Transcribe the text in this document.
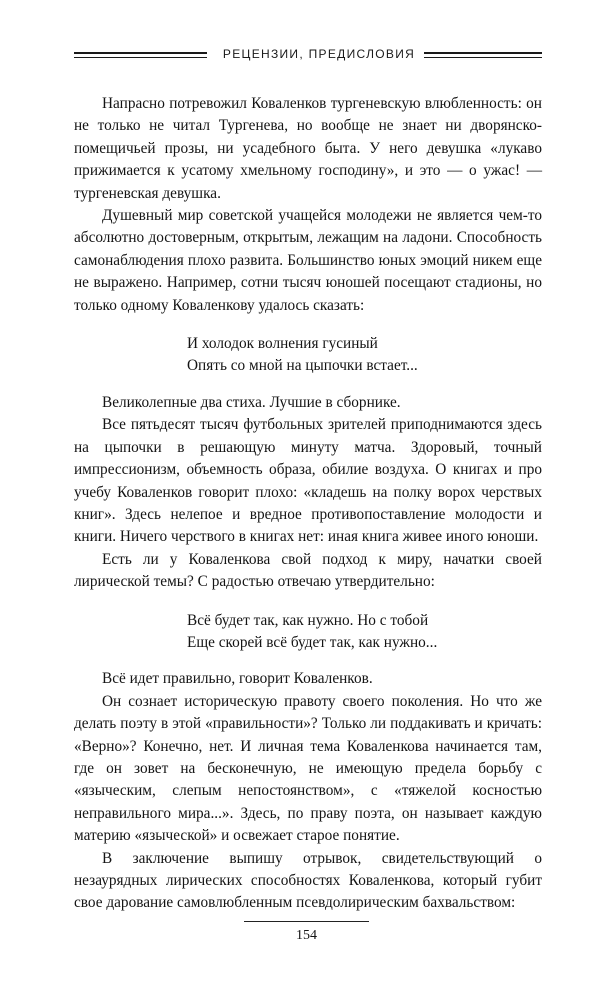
РЕЦЕНЗИИ, ПРЕДИСЛОВИЯ

Напрасно потревожил Коваленков тургеневскую влюбленность: он не только не читал Тургенева, но вообще не знает ни дворянско-помещичьей прозы, ни усадебного быта. У него девушка «лукаво прижимается к усатому хмельному господину», и это — о ужас! — тургеневская девушка.

Душевный мир советской учащейся молодежи не является чем-то абсолютно достоверным, открытым, лежащим на ладони. Способность самонаблюдения плохо развита. Большинство юных эмоций никем еще не выражено. Например, сотни тысяч юношей посещают стадионы, но только одному Коваленкову удалось сказать:

И холодок волнения гусиный
Опять со мной на цыпочки встает...

Великолепные два стиха. Лучшие в сборнике.

Все пятьдесят тысяч футбольных зрителей приподнимаются здесь на цыпочки в решающую минуту матча. Здоровый, точный импрессионизм, объемность образа, обилие воздуха. О книгах и про учебу Коваленков говорит плохо: «кладешь на полку ворох черствых книг». Здесь нелепое и вредное противопоставление молодости и книги. Ничего черствого в книгах нет: иная книга живее иного юноши.

Есть ли у Коваленкова свой подход к миру, начатки своей лирической темы? С радостью отвечаю утвердительно:

Всё будет так, как нужно. Но с тобой
Еще скорей всё будет так, как нужно...

Всё идет правильно, говорит Коваленков.

Он сознает историческую правоту своего поколения. Но что же делать поэту в этой «правильности»? Только ли поддакивать и кричать: «Верно»? Конечно, нет. И личная тема Коваленкова начинается там, где он зовет на бесконечную, не имеющую предела борьбу с «языческим, слепым непостоянством», с «тяжелой косностью неправильного мира...». Здесь, по праву поэта, он называет каждую материю «языческой» и освежает старое понятие.

В заключение выпишу отрывок, свидетельствующий о незаурядных лирических способностях Коваленкова, который губит свое дарование самовлюбленным псевдолирическим бахвальством:

154
